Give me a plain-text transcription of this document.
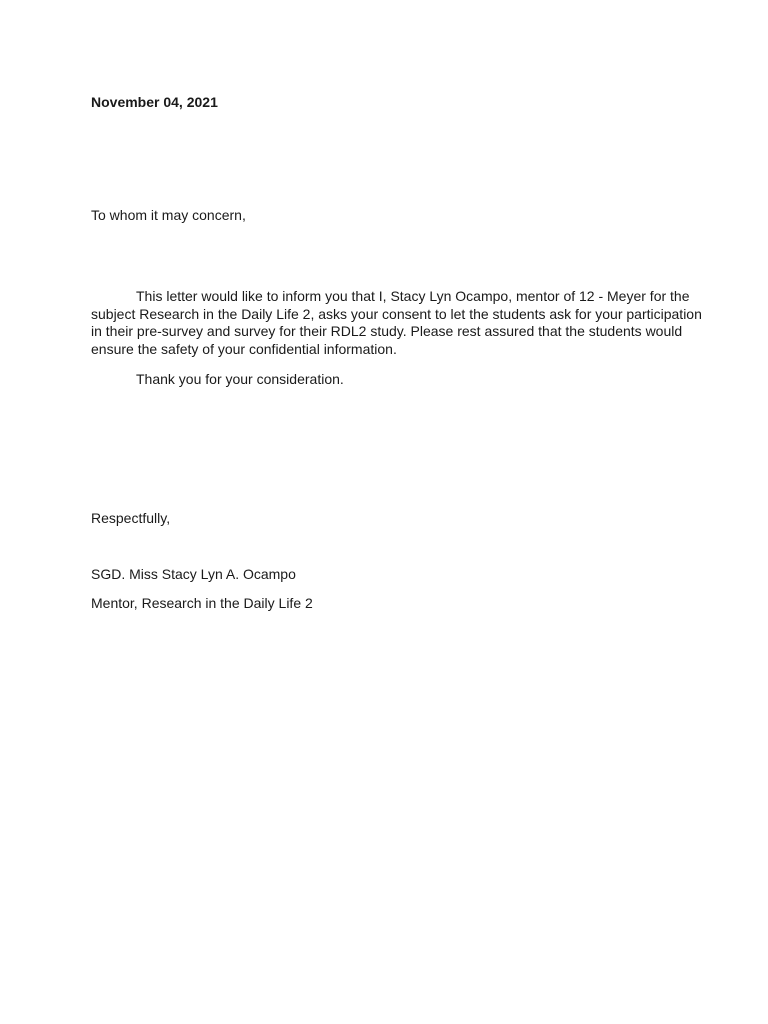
November 04, 2021
To whom it may concern,
This letter would like to inform you that I, Stacy Lyn Ocampo, mentor of 12 - Meyer for the
subject Research in the Daily Life 2, asks your consent to let the students ask for your participation
in their pre-survey and survey for their RDL2 study. Please rest assured that the students would
ensure the safety of your confidential information.
Thank you for your consideration.
Respectfully,
SGD. Miss Stacy Lyn A. Ocampo
Mentor, Research in the Daily Life 2
